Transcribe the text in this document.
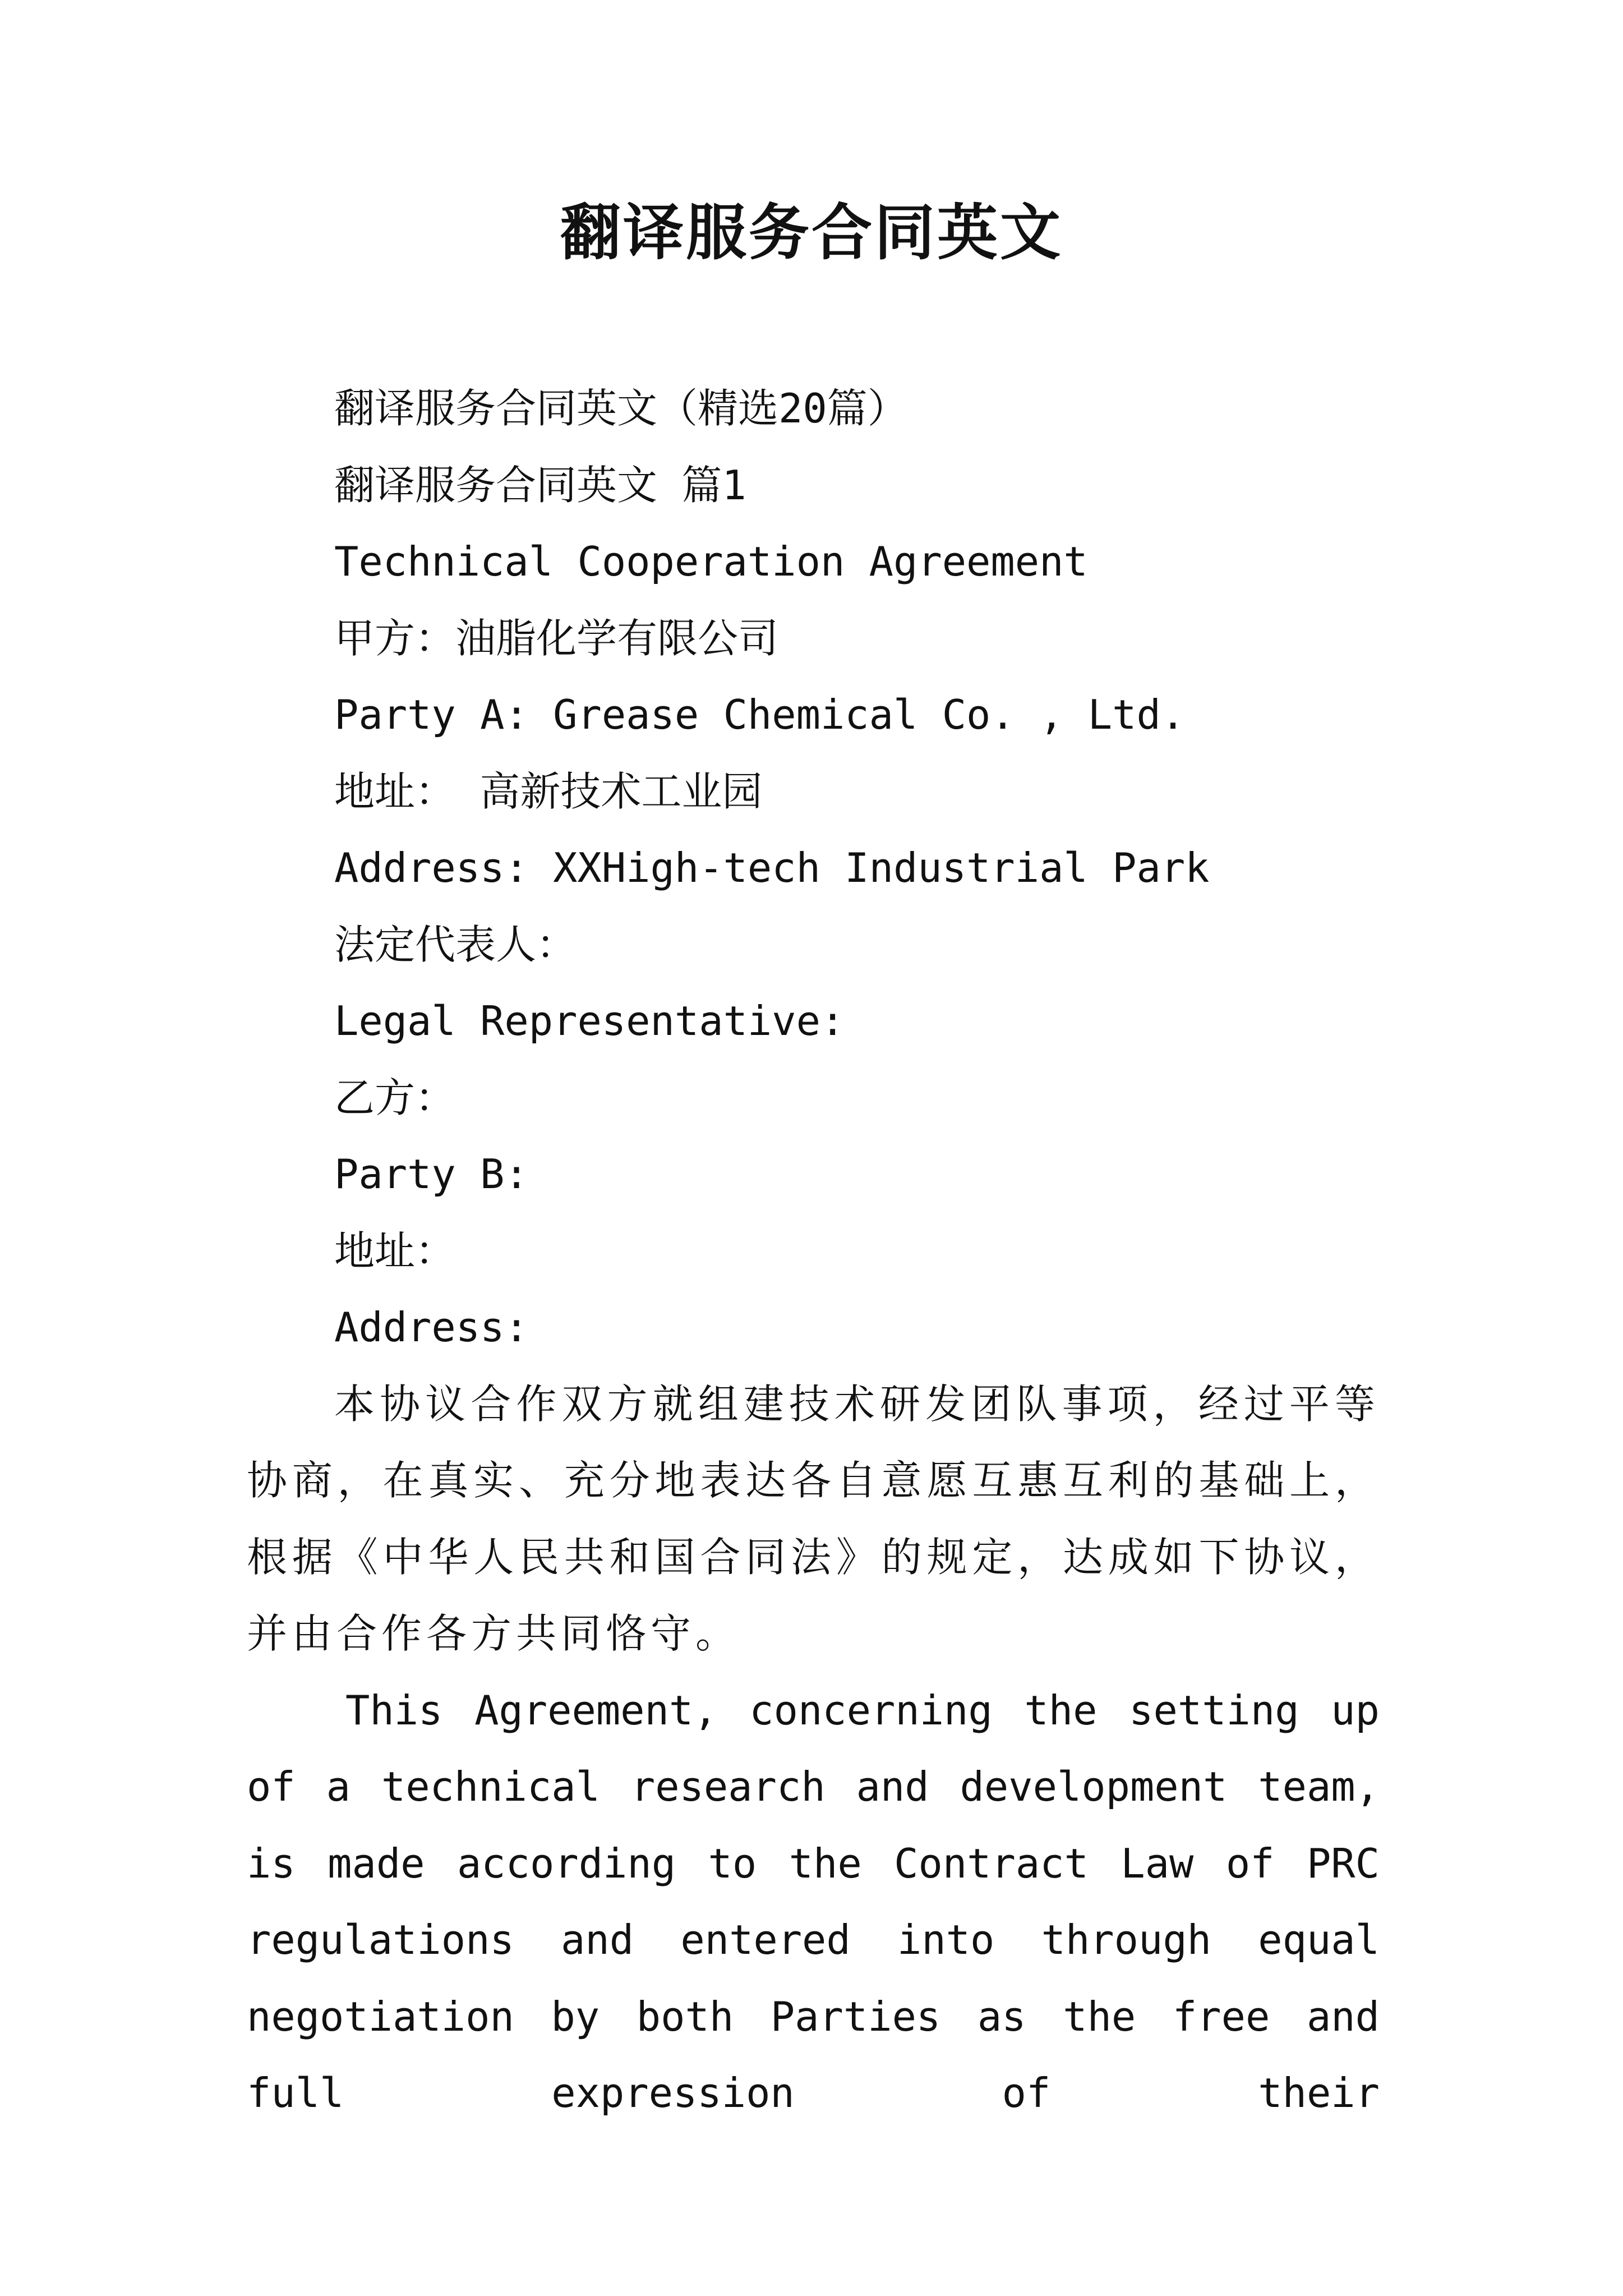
翻译服务合同英文
翻译服务合同英文（精选20篇）
翻译服务合同英文 篇1
Technical Cooperation Agreement
甲方：油脂化学有限公司
Party A: Grease Chemical Co. , Ltd.
地址： 高新技术工业园
Address: XXHigh-tech Industrial Park
法定代表人：
Legal Representative:
乙方：
Party B:
地址：
Address:
本协议合作双方就组建技术研发团队事项，经过平等协商，在真实、充分地表达各自意愿互惠互利的基础上，根据《中华人民共和国合同法》的规定，达成如下协议，并由合作各方共同恪守。
This Agreement, concerning the setting up of a technical research and development team, is made according to the Contract Law of PRC regulations and entered into through equal negotiation by both Parties as the free and full expression of their
